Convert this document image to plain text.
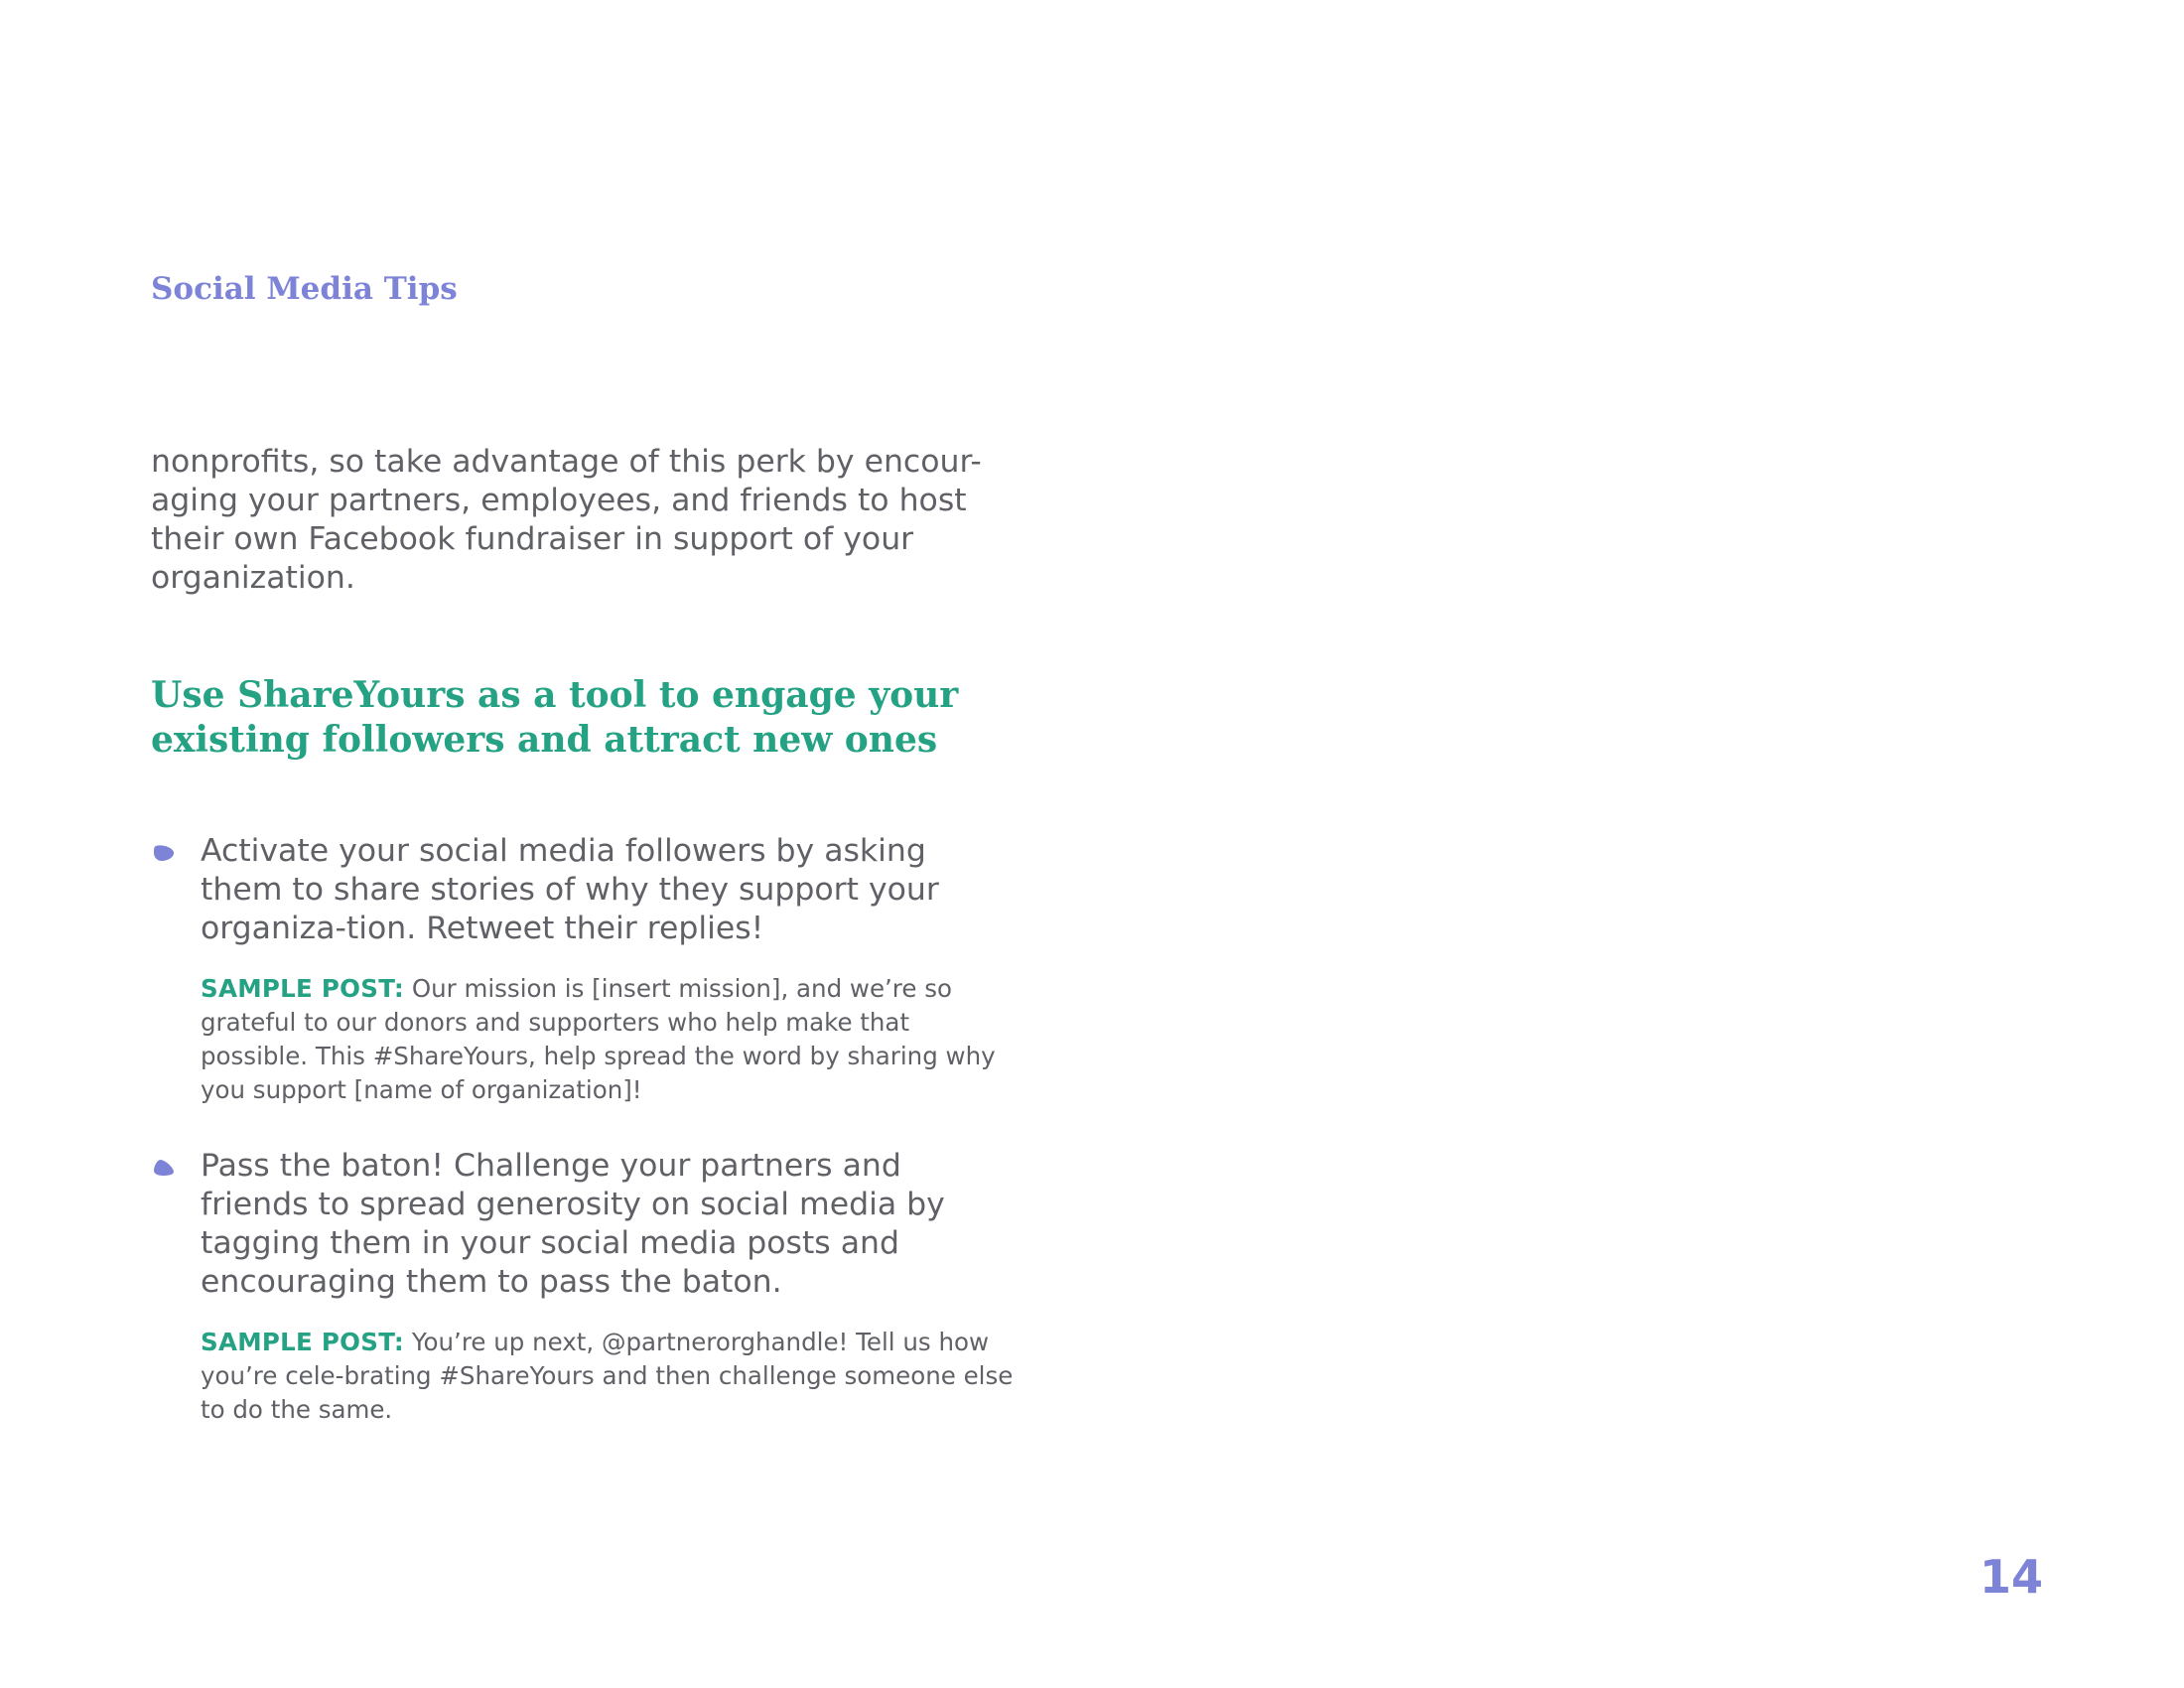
Social Media Tips

nonprofits, so take advantage of this perk by encour-aging your partners, employees, and friends to host their own Facebook fundraiser in support of your organization.

Use ShareYours as a tool to engage your existing followers and attract new ones

Activate your social media followers by asking them to share stories of why they support your organiza-tion. Retweet their replies!

SAMPLE POST: Our mission is [insert mission], and we’re so grateful to our donors and supporters who help make that possible. This #ShareYours, help spread the word by sharing why you support [name of organization]!

Pass the baton! Challenge your partners and friends to spread generosity on social media by tagging them in your social media posts and encouraging them to pass the baton.

SAMPLE POST: You’re up next, @partnerorghandle! Tell us how you’re cele-brating #ShareYours and then challenge someone else to do the same.

14
